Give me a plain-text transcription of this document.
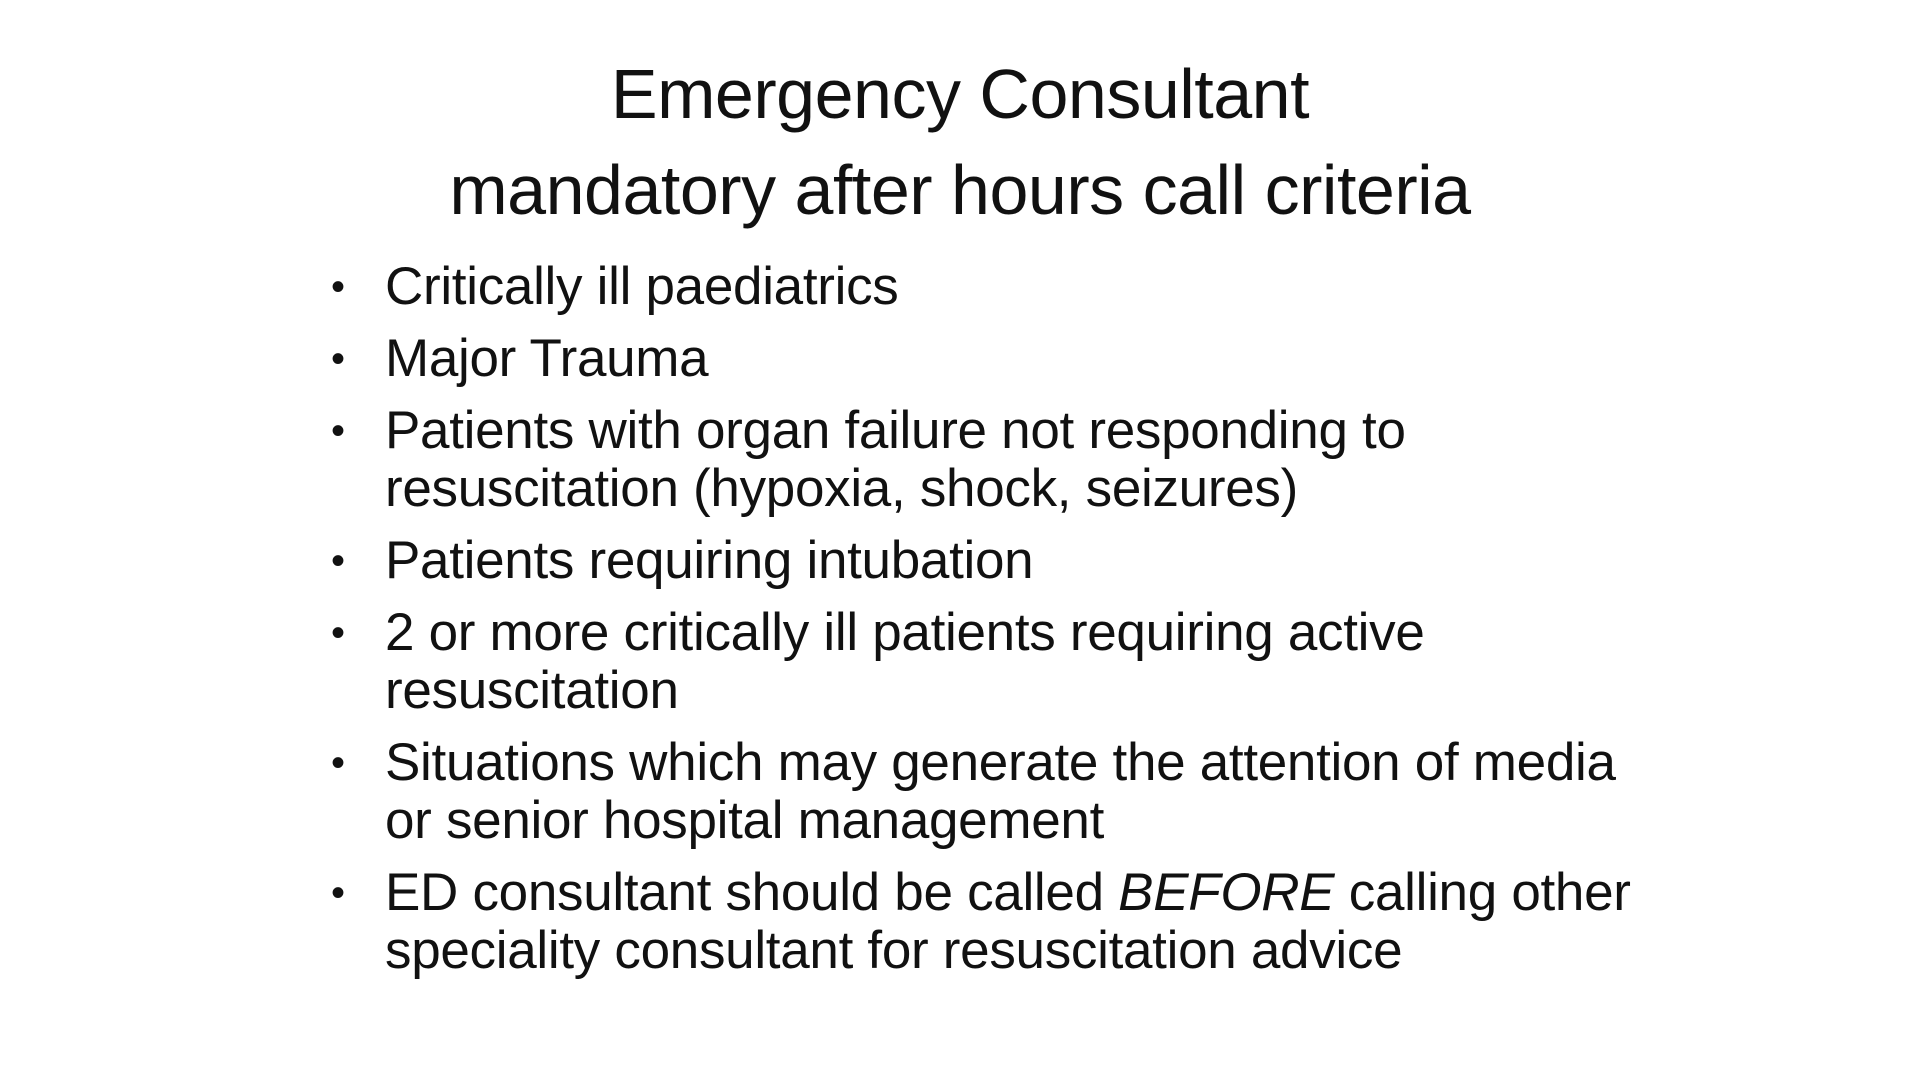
Emergency Consultant
mandatory after hours call criteria
• Critically ill paediatrics
• Major Trauma
• Patients with organ failure not responding to resuscitation (hypoxia, shock, seizures)
• Patients requiring intubation
• 2 or more critically ill patients requiring active resuscitation
• Situations which may generate the attention of media or senior hospital management
• ED consultant should be called BEFORE calling other speciality consultant for resuscitation advice
